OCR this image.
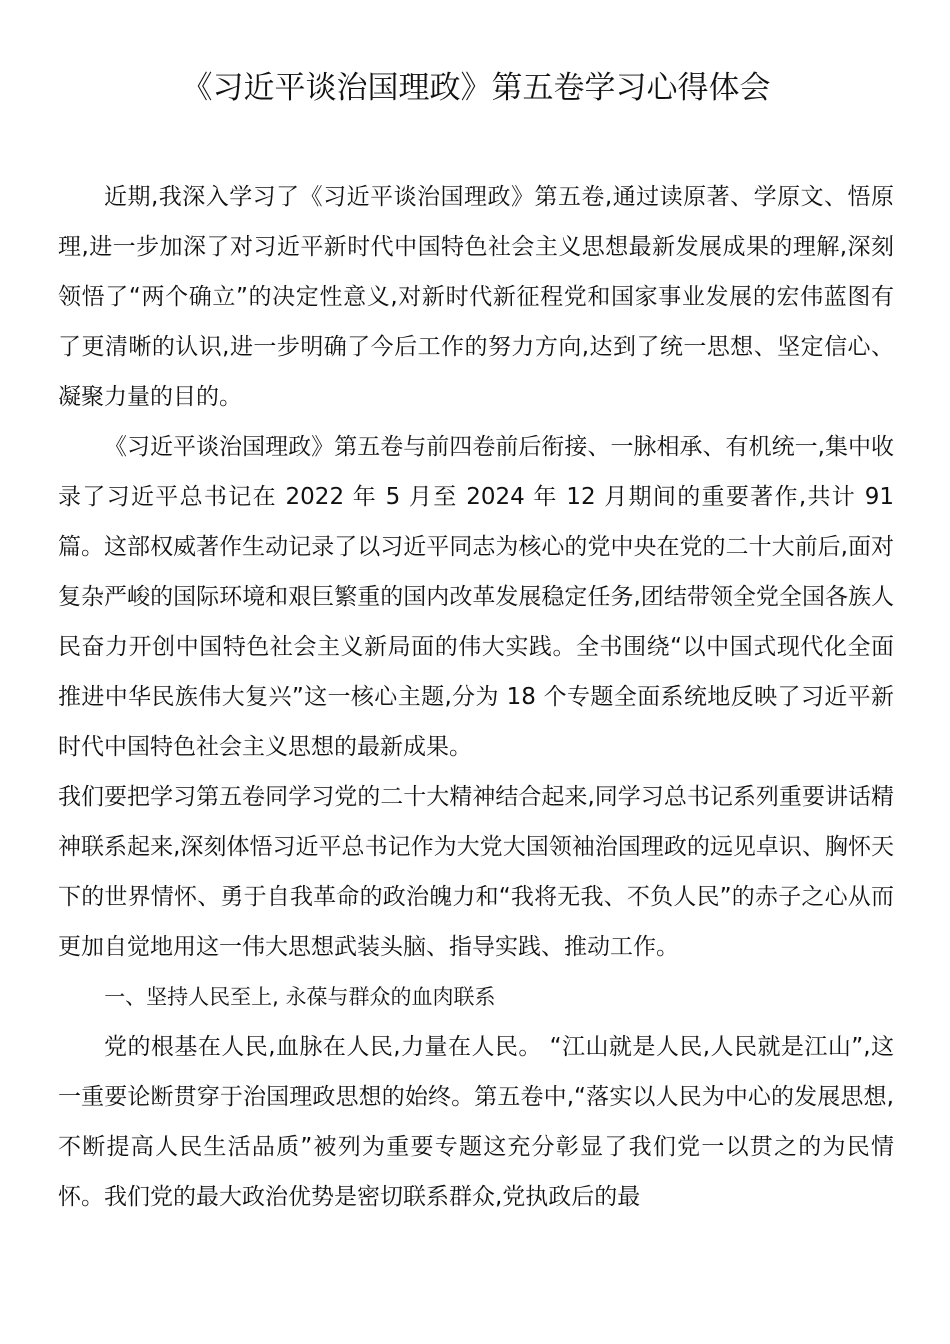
《习近平谈治国理政》第五卷学习心得体会

近期,我深入学习了《习近平谈治国理政》第五卷,通过读原著、学原文、悟原理,进一步加深了对习近平新时代中国特色社会主义思想最新发展成果的理解,深刻领悟了“两个确立”的决定性意义,对新时代新征程党和国家事业发展的宏伟蓝图有了更清晰的认识,进一步明确了今后工作的努力方向,达到了统一思想、坚定信心、凝聚力量的目的。

《习近平谈治国理政》第五卷与前四卷前后衔接、一脉相承、有机统一,集中收录了习近平总书记在 2022 年 5 月至 2024 年 12 月期间的重要著作,共计 91 篇。这部权威著作生动记录了以习近平同志为核心的党中央在党的二十大前后,面对复杂严峻的国际环境和艰巨繁重的国内改革发展稳定任务,团结带领全党全国各族人民奋力开创中国特色社会主义新局面的伟大实践。全书围绕“以中国式现代化全面推进中华民族伟大复兴”这一核心主题,分为 18 个专题全面系统地反映了习近平新时代中国特色社会主义思想的最新成果。

我们要把学习第五卷同学习党的二十大精神结合起来,同学习总书记系列重要讲话精神联系起来,深刻体悟习近平总书记作为大党大国领袖治国理政的远见卓识、胸怀天下的世界情怀、勇于自我革命的政治魄力和“我将无我、不负人民”的赤子之心从而更加自觉地用这一伟大思想武装头脑、指导实践、推动工作。

一、坚持人民至上, 永葆与群众的血肉联系

党的根基在人民,血脉在人民,力量在人民。 “江山就是人民,人民就是江山”,这一重要论断贯穿于治国理政思想的始终。第五卷中,“落实以人民为中心的发展思想,不断提高人民生活品质”被列为重要专题这充分彰显了我们党一以贯之的为民情怀。我们党的最大政治优势是密切联系群众,党执政后的最
